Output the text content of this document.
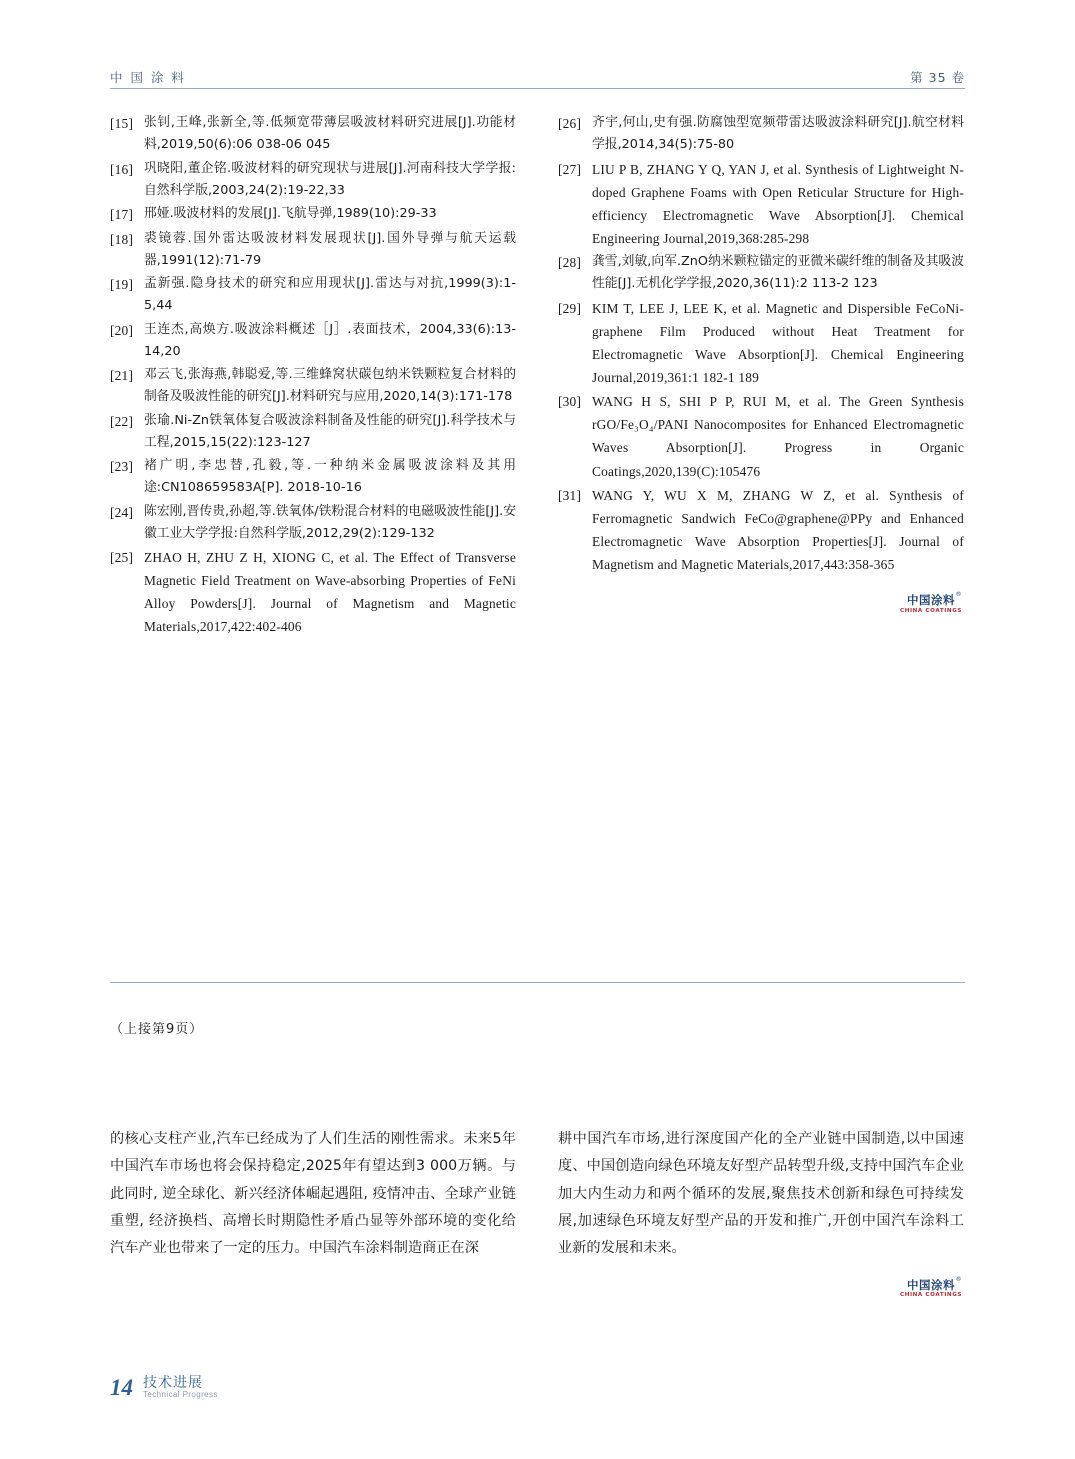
中 国 涂 料	第 35 卷
[15] 张钊,王峰,张新全,等.低频宽带薄层吸波材料研究进展[J].功能材料,2019,50(6):06 038-06 045
[16] 巩晓阳,董企铭.吸波材料的研究现状与进展[J].河南科技大学学报:自然科学版,2003,24(2):19-22,33
[17] 邢娅.吸波材料的发展[J].飞航导弹,1989(10):29-33
[18] 裘镜蓉.国外雷达吸波材料发展现状[J].国外导弹与航天运载器,1991(12):71-79
[19] 孟新强.隐身技术的研究和应用现状[J].雷达与对抗,1999(3):1-5,44
[20] 王连杰,高焕方.吸波涂料概述［J］.表面技术，2004,33(6):13-14,20
[21] 邓云飞,张海燕,韩聪爱,等.三维蜂窝状碳包纳米铁颗粒复合材料的制备及吸波性能的研究[J].材料研究与应用,2020,14(3):171-178
[22] 张瑜.Ni-Zn铁氧体复合吸波涂料制备及性能的研究[J].科学技术与工程,2015,15(22):123-127
[23] 褚广明,李忠替,孔毅,等.一种纳米金属吸波涂料及其用途:CN108659583A[P]. 2018-10-16
[24] 陈宏刚,晋传贵,孙超,等.铁氧体/铁粉混合材料的电磁吸波性能[J].安徽工业大学学报:自然科学版,2012,29(2):129-132
[25] ZHAO H, ZHU Z H, XIONG C, et al. The Effect of Transverse Magnetic Field Treatment on Wave-absorbing Properties of FeNi Alloy Powders[J]. Journal of Magnetism and Magnetic Materials,2017,422:402-406
[26] 齐宇,何山,史有强.防腐蚀型宽频带雷达吸波涂料研究[J].航空材料学报,2014,34(5):75-80
[27] LIU P B, ZHANG Y Q, YAN J, et al. Synthesis of Lightweight N-doped Graphene Foams with Open Reticular Structure for High-efficiency Electromagnetic Wave Absorption[J]. Chemical Engineering Journal,2019,368:285-298
[28] 龚雪,刘敏,向军.ZnO纳米颗粒锚定的亚微米碳纤维的制备及其吸波性能[J].无机化学学报,2020,36(11):2 113-2 123
[29] KIM T, LEE J, LEE K, et al. Magnetic and Dispersible FeCoNi-graphene Film Produced without Heat Treatment for Electromagnetic Wave Absorption[J]. Chemical Engineering Journal,2019,361:1 182-1 189
[30] WANG H S, SHI P P, RUI M, et al. The Green Synthesis rGO/Fe₃O₄/PANI Nanocomposites for Enhanced Electromagnetic Waves Absorption[J]. Progress in Organic Coatings,2020,139(C):105476
[31] WANG Y, WU X M, ZHANG W Z, et al. Synthesis of Ferromagnetic Sandwich FeCo@graphene@PPy and Enhanced Electromagnetic Wave Absorption Properties[J]. Journal of Magnetism and Magnetic Materials,2017,443:358-365
中国涂料 ®
CHINA COATINGS
（上接第9页）

的核心支柱产业,汽车已经成为了人们生活的刚性需求。未来5年中国汽车市场也将会保持稳定,2025年有望达到3 000万辆。与此同时, 逆全球化、新兴经济体崛起遇阻, 疫情冲击、全球产业链重塑, 经济换档、高增长时期隐性矛盾凸显等外部环境的变化给汽车产业也带来了一定的压力。中国汽车涂料制造商正在深

耕中国汽车市场,进行深度国产化的全产业链中国制造,以中国速度、中国创造向绿色环境友好型产品转型升级,支持中国汽车企业加大内生动力和两个循环的发展,聚焦技术创新和绿色可持续发展,加速绿色环境友好型产品的开发和推广,开创中国汽车涂料工业新的发展和未来。

中国涂料 ®
CHINA COATINGS
14 技术进展
Technical Progress
